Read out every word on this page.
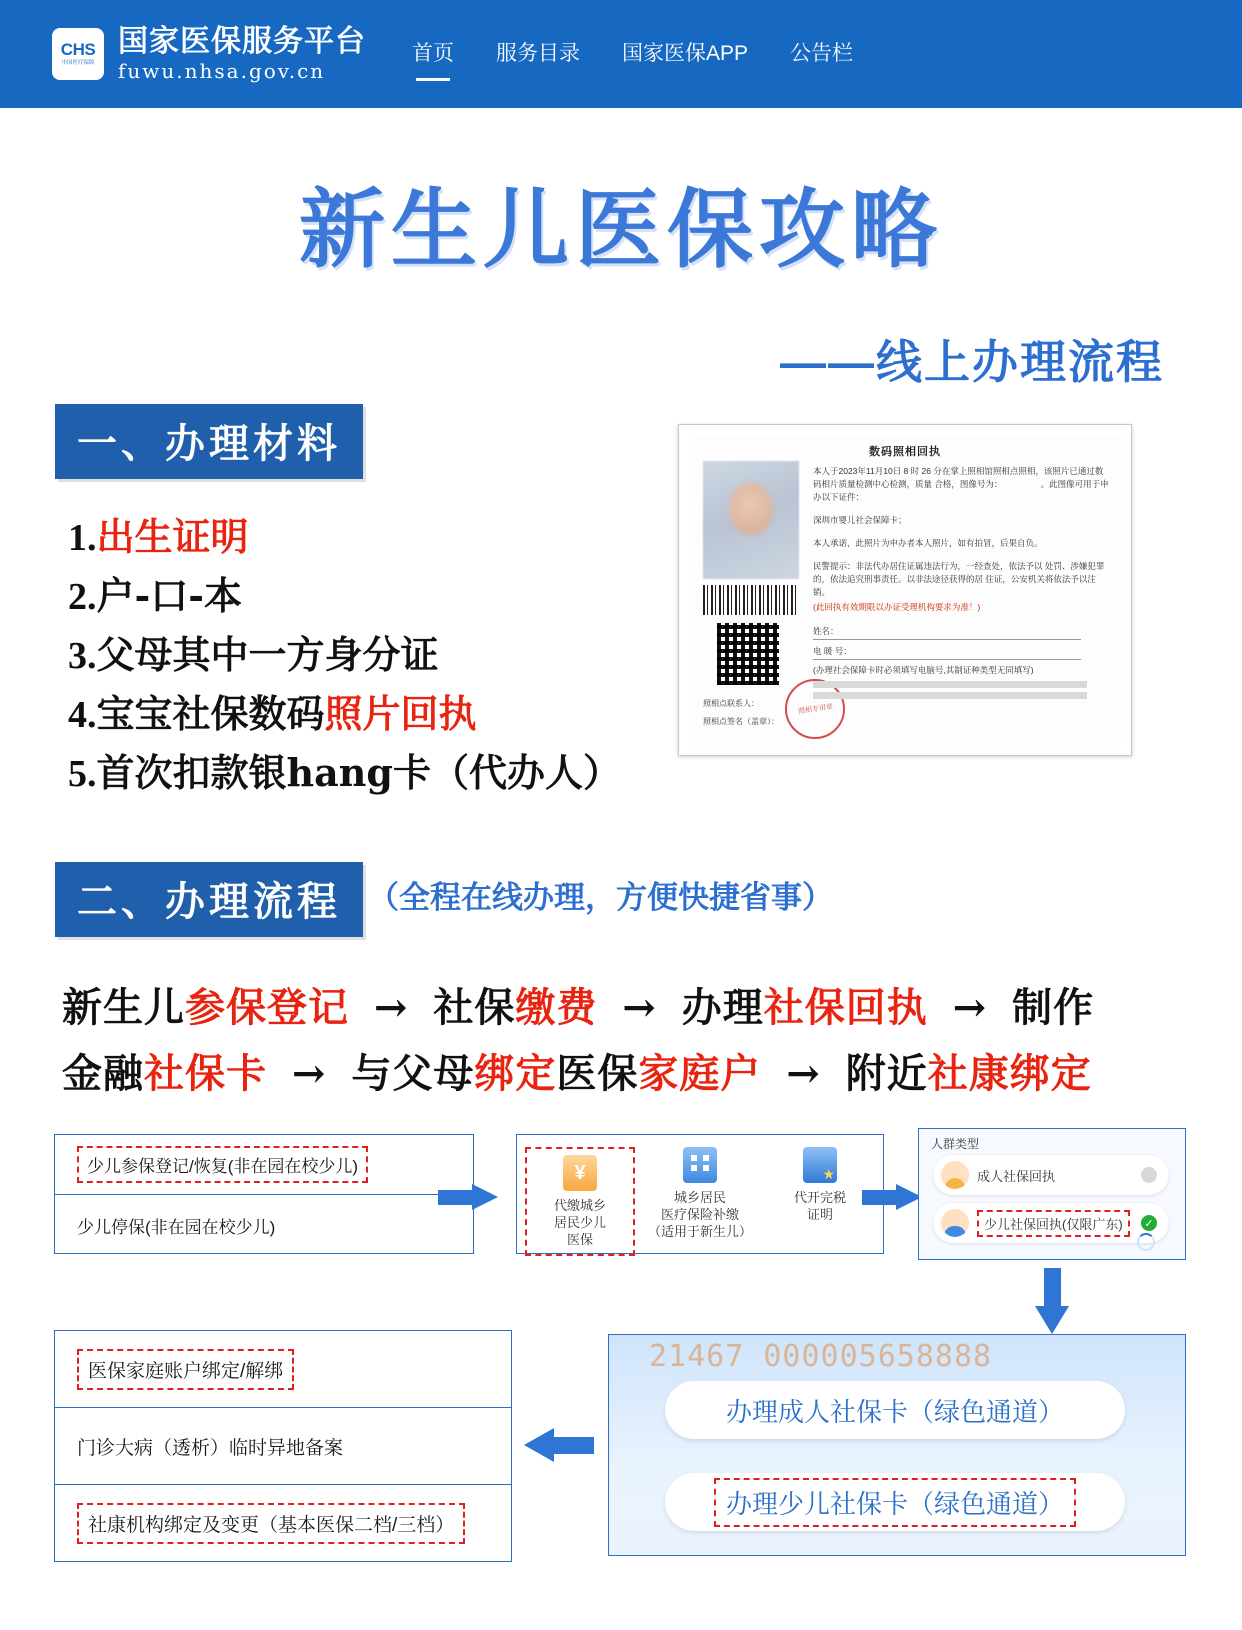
CHS
中国医疗保障
国家医保服务平台
fuwu.nhsa.gov.cn
首页 服务目录 国家医保APP 公告栏
新生儿医保攻略
——线上办理流程
一、办理材料
1.出生证明
2.户-口-本
3.父母其中一方身分证
4.宝宝社保数码照片回执
5.首次扣款银hang卡（代办人）
数码照相回执
照相专用章
本人于2023年11月10日 8 时 26 分在掌上照相馆照相点照相，该照片已通过数码相片质量检测中心检测，质量 合格，图像号为：　　　　　。此图像可用于申办以下证件：
深圳市婴儿社会保障卡；
本人承诺，此照片为申办者本人照片，如有拍冒，后果自负。
民警提示：非法代办居住证属违法行为，一经查处，依法予以 处罚、涉嫌犯罪的，依法追究刑事责任。以非法途径获得的居 住证，公安机关将依法予以注销。
(此回执有效期限以办证受理机构要求为准！)
姓名：
电 暖 号：
(办理社会保障卡时必须填写电脑号,其制证种类型无同填写)
照相点联系人：
照相点签名（盖章）：
二、办理流程 （全程在线办理，方便快捷省事）
新生儿参保登记 → 社保缴费 → 办理社保回执 → 制作
金融社保卡 → 与父母绑定医保家庭户 → 附近社康绑定
少儿参保登记/恢复(非在园在校少儿)
少儿停保(非在园在校少儿)
¥
代缴城乡
居民少儿
医保
城乡居民
医疗保险补缴
（适用于新生儿）
★
代开完税
证明
人群类型
成人社保回执
少儿社保回执(仅限广东)	✓
21467 000005658888
办理成人社保卡（绿色通道）
办理少儿社保卡（绿色通道）
医保家庭账户绑定/解绑
门诊大病（透析）临时异地备案
社康机构绑定及变更（基本医保二档/三档）
